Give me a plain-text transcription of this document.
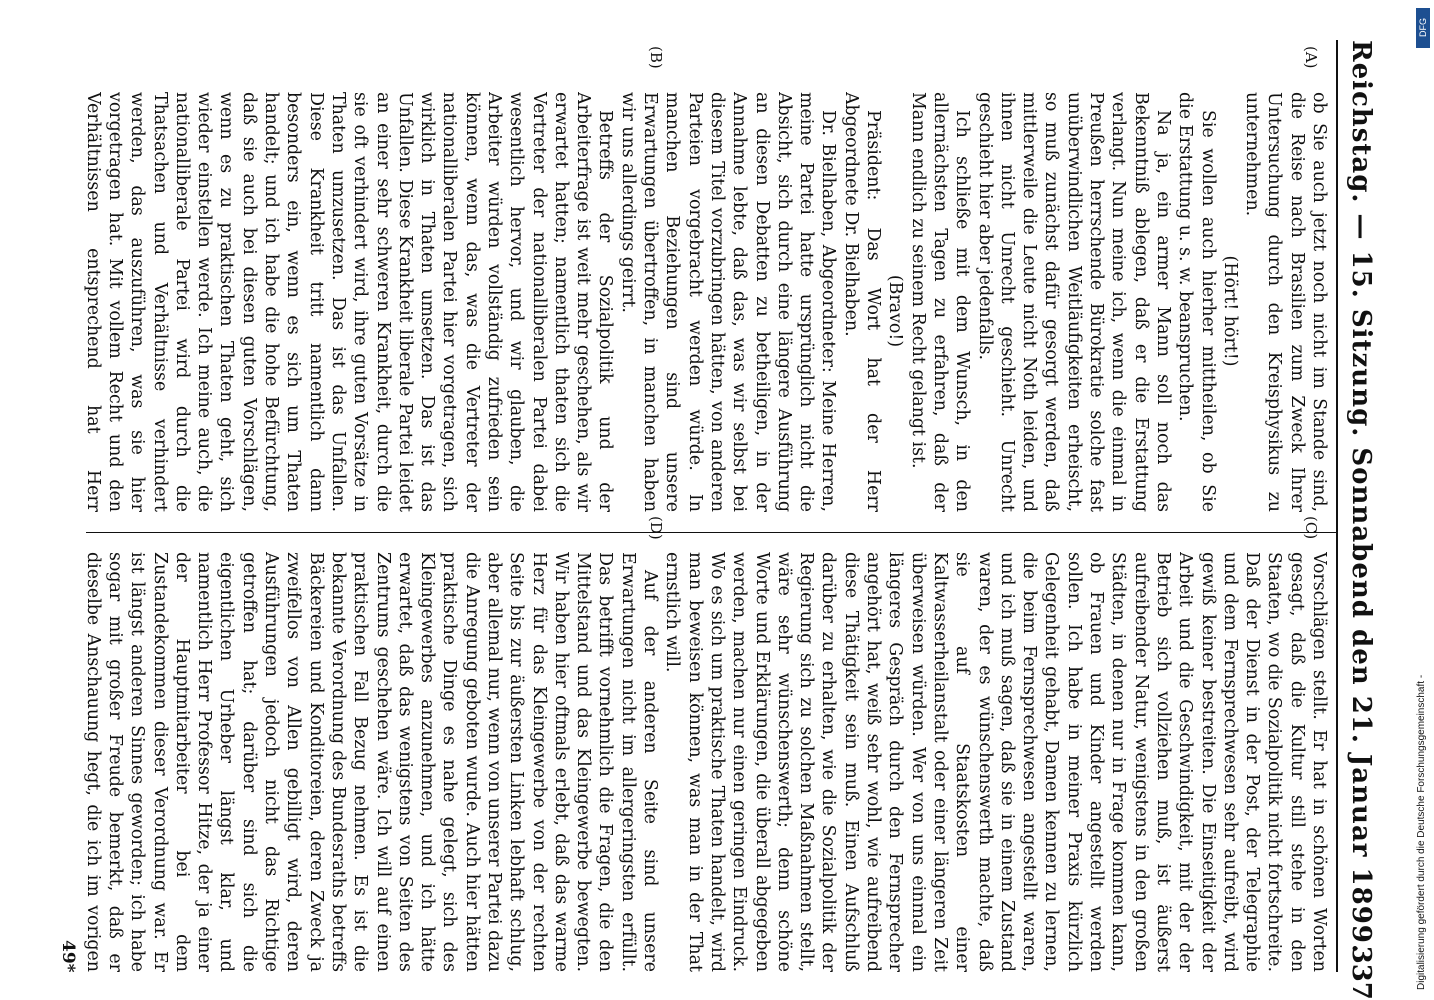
Reichstag. — 15. Sitzung. Sonnabend den 21. Januar 1899.
337
(A)
(B)
(C)
(D)

ob Sie auch jetzt noch nicht im Stande sind, die Reise nach Brasilien zum Zweck Ihrer Untersuchung durch den Kreisphysikus zu unternehmen.

(Hört! hört!)

Sie wollen auch hierher mittheilen, ob Sie die Erstattung u. s. w. beanspruchen.

Na ja, ein armer Mann soll noch das Bekenntniß ablegen, daß er die Erstattung verlangt. Nun meine ich, wenn die einmal in Preußen herrschende Bürokratie solche fast unüberwindlichen Weitläufigkeiten erheischt, so muß zunächst dafür gesorgt werden, daß mittlerweile die Leute nicht Noth leiden, und ihnen nicht Unrecht geschieht. Unrecht geschieht hier aber jedenfalls.

Ich schließe mit dem Wunsch, in den allernächsten Tagen zu erfahren, daß der Mann endlich zu seinem Recht gelangt ist.

(Bravo!)

Präsident: Das Wort hat der Herr Abgeordnete Dr. Bielhaben.

Dr. Bielhaben, Abgeordneter: Meine Herren, meine Partei hatte ursprünglich nicht die Absicht, sich durch eine längere Ausführung an diesen Debatten zu betheiligen, in der Annahme lebte, daß das, was wir selbst bei diesem Titel vorzubringen hätten, von anderen Parteien vorgebracht werden würde. In manchen Beziehungen sind unsere Erwartungen übertroffen, in manchen haben wir uns allerdings geirrt.

Betreffs der Sozialpolitik und der Arbeiterfrage ist weit mehr geschehen, als wir erwartet hatten; namentlich thaten sich die Vertreter der nationalliberalen Partei dabei wesentlich hervor, und wir glauben, die Arbeiter würden vollständig zufrieden sein können, wenn das, was die Vertreter der nationalliberalen Partei hier vorgetragen, sich wirklich in Thaten umsetzen. Das ist das Unfallen. Diese Krankheit liberale Partei leidet an einer sehr schweren Krankheit, durch die sie oft verhindert wird, ihre guten Vorsätze in Thaten umzusetzen. Das ist das Unfallen. Diese Krankheit tritt namentlich dann besonders ein, wenn es sich um Thaten handelt; und ich habe die hohe Befürchtung, daß sie auch bei diesen guten Vorschlägen, wenn es zu praktischen Thaten geht, sich wieder einstellen werde. Ich meine auch, die nationalliberale Partei wird durch die Thatsachen und Verhältnisse verhindert werden, das auszuführen, was sie hier vorgetragen hat. Mit vollem Recht und den Verhältnissen entsprechend hat Herr

Vorschlägen stellt. Er hat in schönen Worten gesagt, daß die Kultur still stehe in den Staaten, wo die Sozialpolitik nicht fortschreite. Daß der Dienst in der Post, der Telegraphie und dem Fernsprechwesen sehr aufreibt, wird gewiß keiner bestreiten. Die Einseitigkeit der Arbeit und die Geschwindigkeit, mit der der Betrieb sich vollziehen muß, ist äußerst aufreibender Natur, wenigstens in den großen Städten, in denen nur in Frage kommen kann, ob Frauen und Kinder angestellt werden sollen. Ich habe in meiner Praxis kürzlich Gelegenheit gehabt, Damen kennen zu lernen, die beim Fernsprechwesen angestellt waren, und ich muß sagen, daß sie in einem Zustand waren, der es wünschenswerth machte, daß sie auf Staatskosten einer Kaltwasserheilanstalt oder einer längeren Zeit überweisen würden. Wer von uns einmal ein längeres Gespräch durch den Fernsprecher angehört hat, weiß sehr wohl, wie aufreibend diese Thätigkeit sein muß. Einen Aufschluß darüber zu erhalten, wie die Sozialpolitik der Regierung sich zu solchen Maßnahmen stellt, wäre sehr wünschenswerth; denn schöne Worte und Erklärungen, die überall abgegeben werden, machen nur einen geringen Eindruck. Wo es sich um praktische Thaten handelt, wird man beweisen können, was man in der That ernstlich will.

Auf der anderen Seite sind unsere Erwartungen nicht im allergeringsten erfüllt. Das betrifft vornehmlich die Fragen, die den Mittelstand und das Kleingewerbe bewegten. Wir haben hier oftmals erlebt, daß das warme Herz für das Kleingewerbe von der rechten Seite bis zur äußersten Linken lebhaft schlug, aber allemal nur, wenn von unserer Partei dazu die Anregung geboten wurde. Auch hier hätten praktische Dinge es nahe gelegt, sich des Kleingewerbes anzunehmen, und ich hätte erwartet, daß das wenigstens von Seiten des Zentrums geschehen wäre. Ich will auf einen praktischen Fall Bezug nehmen. Es ist die bekannte Verordnung des Bundesraths betreffs Bäckereien und Konditoreien, deren Zweck ja zweifellos von Allen gebilligt wird, deren Ausführungen jedoch nicht das Richtige getroffen hat; darüber sind sich die eigentlichen Urheber längst klar, und namentlich Herr Professor Hitze, der ja einer der Hauptmitarbeiter bei dem Zustandekommen dieser Verordnung war. Er ist längst anderen Sinnes geworden; ich habe sogar mit großer Freude bemerkt, daß er dieselbe Anschauung hegt, die ich im vorigen

49*
DFG
Digitalisierung gefördert durch die Deutsche Forschungsgemeinschaft -
